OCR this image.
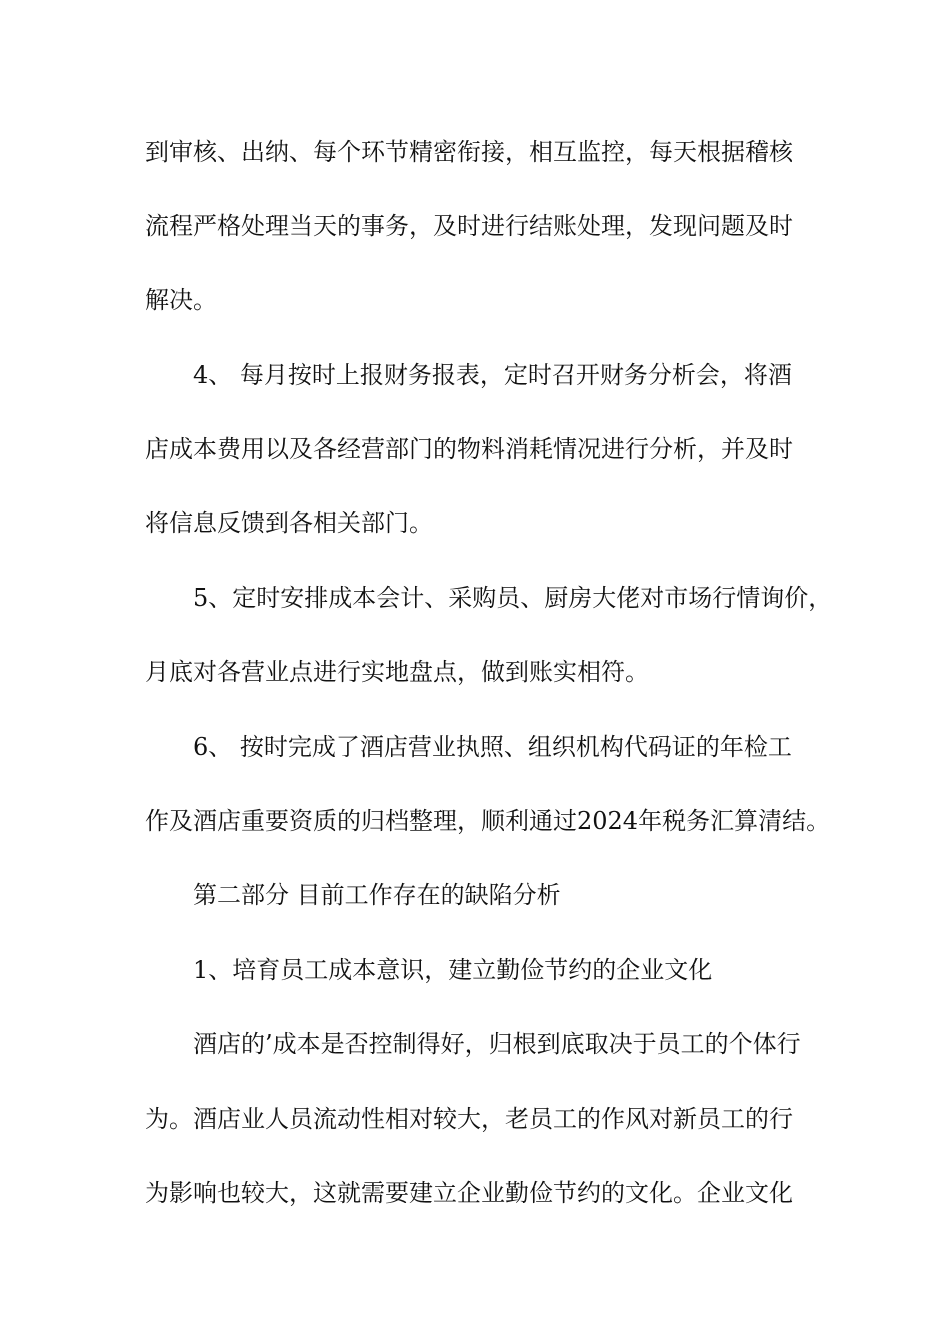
到审核、出纳、每个环节精密衔接，相互监控，每天根据稽核

流程严格处理当天的事务，及时进行结账处理，发现问题及时

解决。

4、 每月按时上报财务报表，定时召开财务分析会，将酒

店成本费用以及各经营部门的物料消耗情况进行分析，并及时

将信息反馈到各相关部门。

5、定时安排成本会计、采购员、厨房大佬对市场行情询价，

月底对各营业点进行实地盘点，做到账实相符。

6、 按时完成了酒店营业执照、组织机构代码证的年检工

作及酒店重要资质的归档整理，顺利通过2024年税务汇算清结。

第二部分 目前工作存在的缺陷分析

1、培育员工成本意识，建立勤俭节约的企业文化

酒店的’成本是否控制得好，归根到底取决于员工的个体行

为。酒店业人员流动性相对较大，老员工的作风对新员工的行

为影响也较大，这就需要建立企业勤俭节约的文化。企业文化
